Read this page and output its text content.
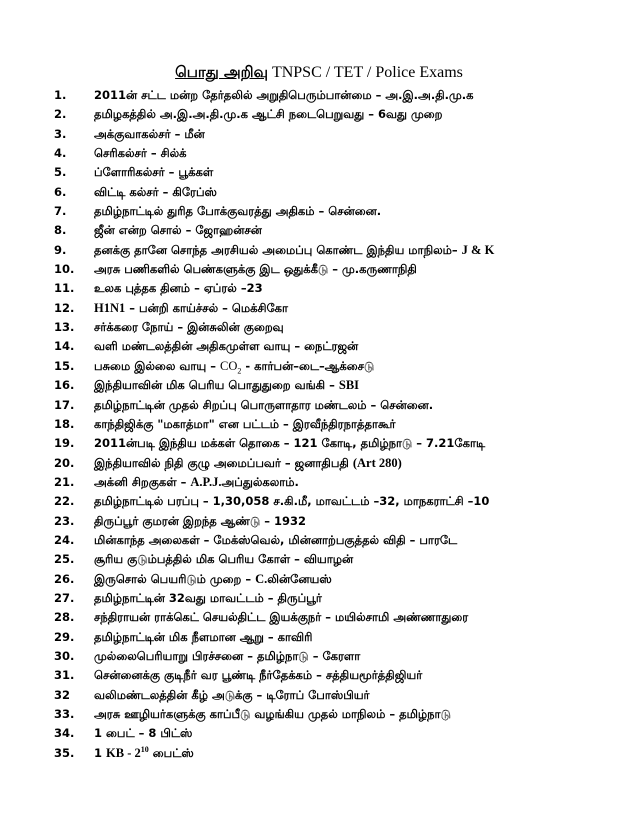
பொது அறிவு TNPSC / TET / Police Exams
1.	2011ன் சட்ட மன்ற தேர்தலில் அறுதிபெரும்பான்மை – அ.இ.அ.தி.மு.க
2.	தமிழகத்தில் அ.இ.அ.தி.மு.க ஆட்சி நடைபெறுவது – 6வது முறை
3.	அக்குவாகல்சர் – மீன்
4.	செரிகல்சர் – சில்க்
5.	ப்ளோரிகல்சர் – பூக்கள்
6.	விட்டி கல்சர் – கிரேப்ஸ்
7.	தமிழ்நாட்டில் துரித போக்குவரத்து அதிகம் – சென்னை.
8.	ஜீன் என்ற சொல் – ஜோஹன்சன்
9.	தனக்கு தானே சொந்த அரசியல் அமைப்பு கொண்ட இந்திய மாநிலம்– J & K
10.	அரசு பணிகளில் பெண்களுக்கு இட ஒதுக்கீடு – மு.கருணாநிதி
11.	உலக புத்தக தினம் – ஏப்ரல் –23
12.	H1N1 – பன்றி காய்ச்சல் – மெக்சிகோ
13.	சர்க்கரை நோய் – இன்சுலின் குறைவு
14.	வளி மண்டலத்தின் அதிகமுள்ள வாயு – நைட்ரஜன்
15.	பசுமை இல்லை வாயு – $CO_2$ - கார்பன்–டை–ஆக்சைடு
16.	இந்தியாவின் மிக பெரிய பொதுதுறை வங்கி – SBI
17.	தமிழ்நாட்டின் முதல் சிறப்பு பொருளாதார மண்டலம் – சென்னை.
18.	காந்திஜிக்கு "மகாத்மா" என பட்டம் – இரவீந்திரநாத்தாகூர்
19.	2011ன்படி இந்திய மக்கள் தொகை – 121 கோடி, தமிழ்நாடு – 7.21கோடி
20.	இந்தியாவில் நிதி குழு அமைப்பவர் – ஜனாதிபதி (Art 280)
21.	அக்னி சிறகுகள் – A.P.J.அப்துல்கலாம்.
22.	தமிழ்நாட்டில் பரப்பு – 1,30,058 ச.கி.மீ, மாவட்டம் –32, மாநகராட்சி –10
23.	திருப்பூர் குமரன் இறந்த ஆண்டு – 1932
24.	மின்காந்த அலைகள் – மேக்ஸ்வெல், மின்னாற்பகுத்தல் விதி – பாரடே
25.	சூரிய குடும்பத்தில் மிக பெரிய கோள் – வியாழன்
26.	இருசொல் பெயரிடும் முறை – C.லின்னேயஸ்
27.	தமிழ்நாட்டின் 32வது மாவட்டம் – திருப்பூர்
28.	சந்திராயன் ராக்கெட் செயல்திட்ட இயக்குநர் – மயில்சாமி அண்ணாதுரை
29.	தமிழ்நாட்டின் மிக நீளமான ஆறு – காவிரி
30.	முல்லைபெரியாறு பிரச்சனை – தமிழ்நாடு – கேரளா
31.	சென்னைக்கு குடிநீர் வர பூண்டி நீர்தேக்கம் – சத்தியமூர்த்திஜியர்
32	வலிமண்டலத்தின் கீழ் அடுக்கு – டிரோப் போஸ்பியர்
33.	அரசு ஊழியர்களுக்கு காப்பீடு வழங்கிய முதல் மாநிலம் – தமிழ்நாடு
34.	1 பைட் – 8 பிட்ஸ்
35.	1 KB - $2^{10}$ பைட்ஸ்
